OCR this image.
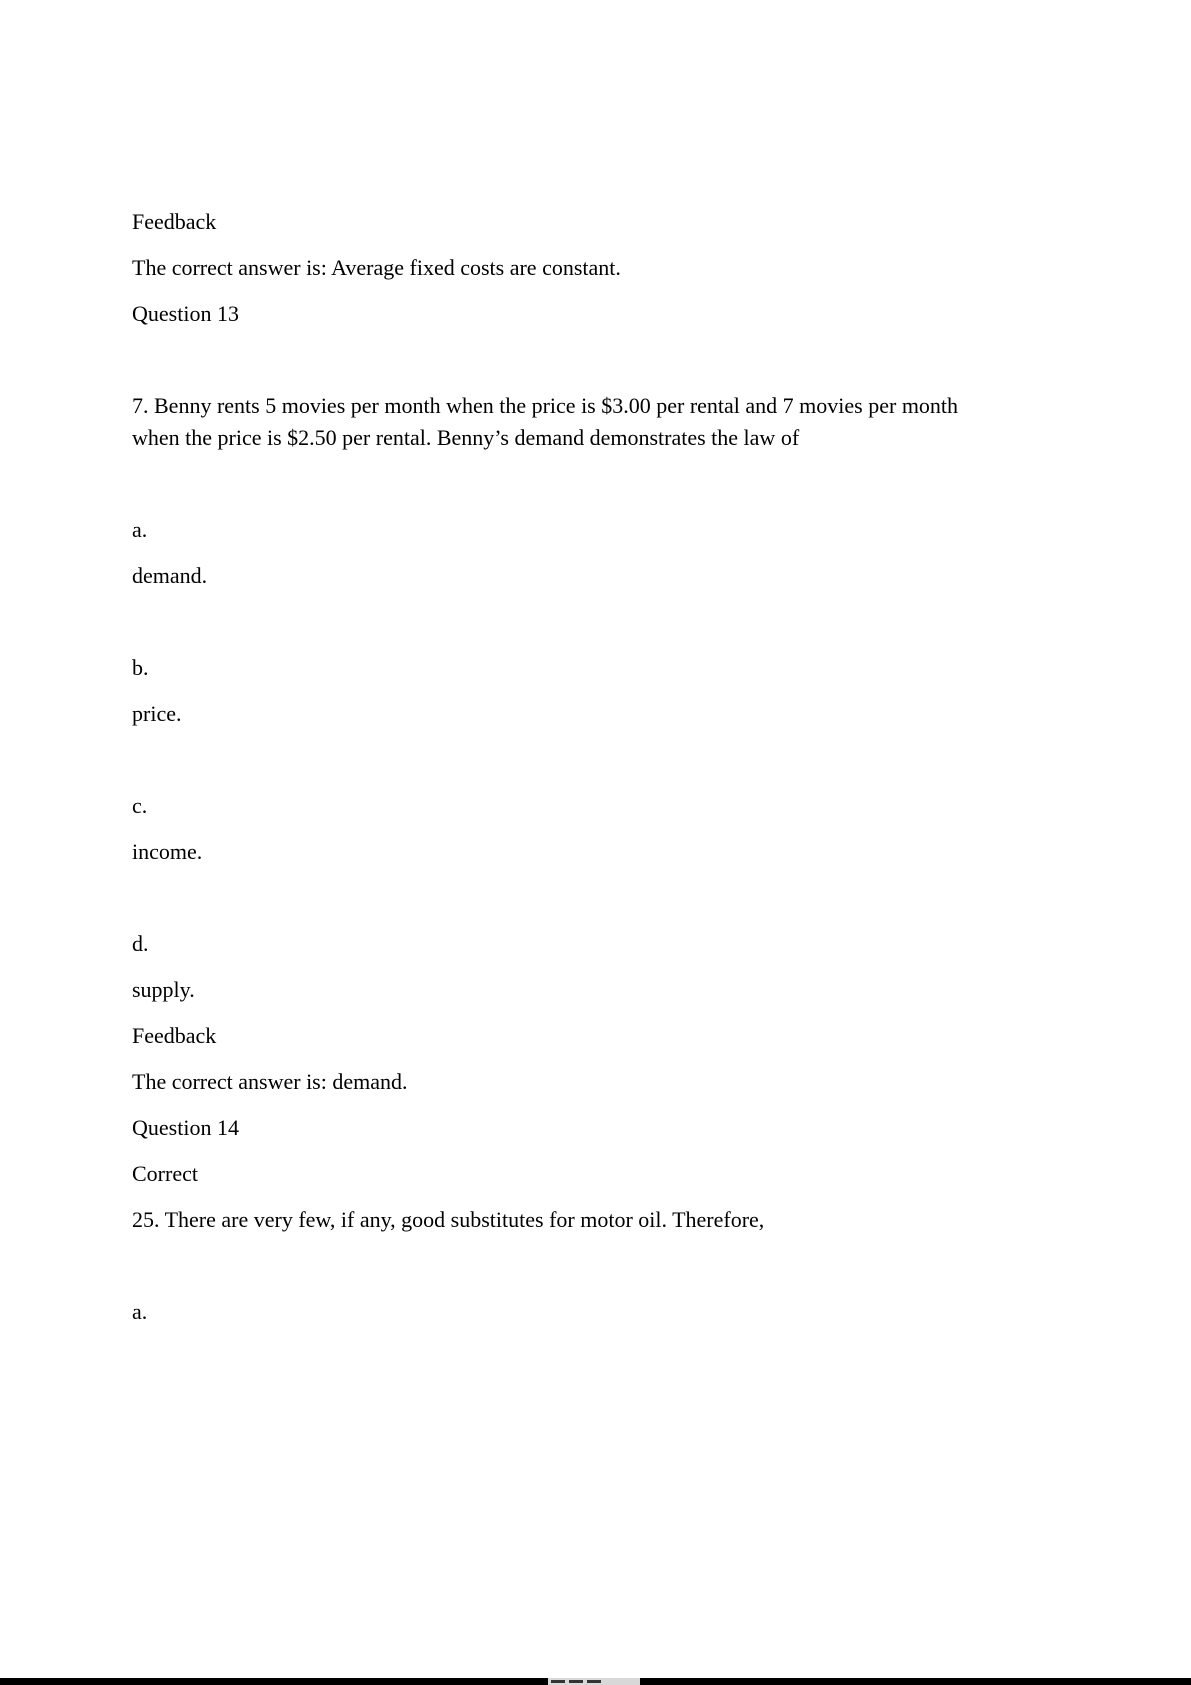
Feedback

The correct answer is: Average fixed costs are constant.

Question 13

7. Benny rents 5 movies per month when the price is $3.00 per rental and 7 movies per month when the price is $2.50 per rental. Benny’s demand demonstrates the law of

a.

demand.

b.

price.

c.

income.

d.

supply.

Feedback

The correct answer is: demand.

Question 14

Correct

25. There are very few, if any, good substitutes for motor oil. Therefore,

a.
